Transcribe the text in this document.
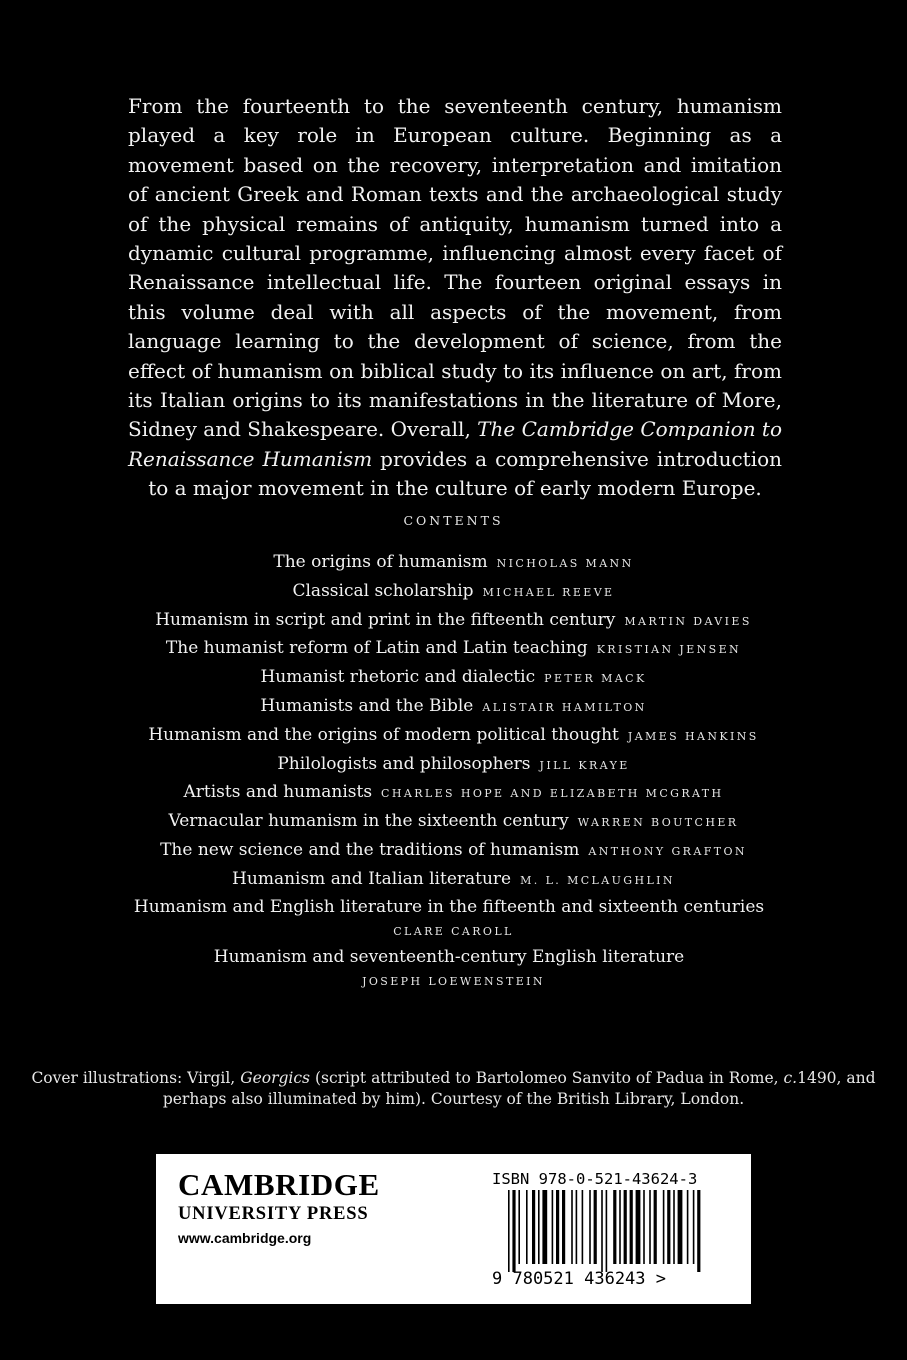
From the fourteenth to the seventeenth century, humanism played a key role in European culture. Beginning as a movement based on the recovery, interpretation and imitation of ancient Greek and Roman texts and the archaeological study of the physical remains of antiquity, humanism turned into a dynamic cultural programme, influencing almost every facet of Renaissance intellectual life. The fourteen original essays in this volume deal with all aspects of the movement, from language learning to the development of science, from the effect of humanism on biblical study to its influence on art, from its Italian origins to its manifestations in the literature of More, Sidney and Shakespeare. Overall, The Cambridge Companion to Renaissance Humanism provides a comprehensive introduction to a major movement in the culture of early modern Europe.

CONTENTS
The origins of humanism NICHOLAS MANN
Classical scholarship MICHAEL REEVE
Humanism in script and print in the fifteenth century MARTIN DAVIES
The humanist reform of Latin and Latin teaching KRISTIAN JENSEN
Humanist rhetoric and dialectic PETER MACK
Humanists and the Bible ALISTAIR HAMILTON
Humanism and the origins of modern political thought JAMES HANKINS
Philologists and philosophers JILL KRAYE
Artists and humanists CHARLES HOPE AND ELIZABETH MCGRATH
Vernacular humanism in the sixteenth century WARREN BOUTCHER
The new science and the traditions of humanism ANTHONY GRAFTON
Humanism and Italian literature M. L. MCLAUGHLIN
Humanism and English literature in the fifteenth and sixteenth centuries
CLARE CAROLL
Humanism and seventeenth-century English literature
JOSEPH LOEWENSTEIN
Cover illustrations: Virgil, Georgics (script attributed to Bartolomeo Sanvito of Padua in Rome, c.1490, and perhaps also illuminated by him). Courtesy of the British Library, London.
CAMBRIDGE
UNIVERSITY PRESS
www.cambridge.org
ISBN 978-0-521-43624-3
9 780521 436243 >
